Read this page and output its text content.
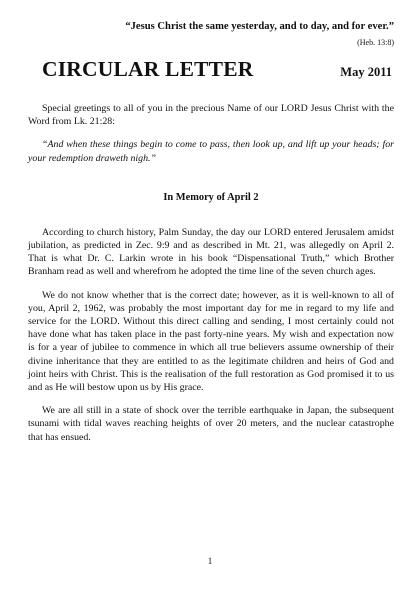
“Jesus Christ the same yesterday, and to day, and for ever.”

(Heb. 13:8)

CIRCULAR LETTER	May 2011

Special greetings to all of you in the precious Name of our LORD Jesus Christ with the Word from Lk. 21:28:

“And when these things begin to come to pass, then look up, and lift up your heads; for your redemption draweth nigh.”

In Memory of April 2

According to church history, Palm Sunday, the day our LORD entered Jerusalem amidst jubilation, as predicted in Zec. 9:9 and as described in Mt. 21, was allegedly on April 2. That is what Dr. C. Larkin wrote in his book “Dispensational Truth,” which Brother Branham read as well and wherefrom he adopted the time line of the seven church ages.

We do not know whether that is the correct date; however, as it is well-known to all of you, April 2, 1962, was probably the most important day for me in regard to my life and service for the LORD. Without this direct calling and sending, I most certainly could not have done what has taken place in the past forty-nine years. My wish and expectation now is for a year of jubilee to commence in which all true believers assume ownership of their divine inheritance that they are entitled to as the legitimate children and heirs of God and joint heirs with Christ. This is the realisation of the full restoration as God promised it to us and as He will bestow upon us by His grace.

We are all still in a state of shock over the terrible earthquake in Japan, the subsequent tsunami with tidal waves reaching heights of over 20 meters, and the nuclear catastrophe that has ensued.

1
